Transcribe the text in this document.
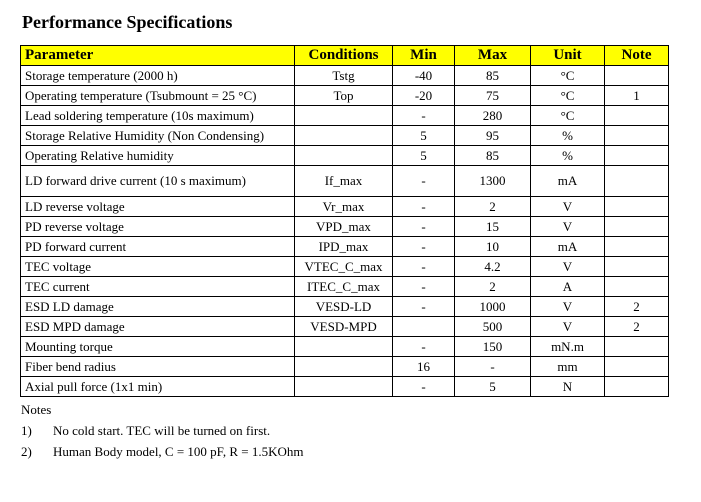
Performance Specifications
Parameter	Conditions	Min	Max	Unit	Note
Storage temperature (2000 h)	Tstg	-40	85	°C	
Operating temperature (Tsubmount = 25 °C)	Top	-20	75	°C	1
Lead soldering temperature (10s maximum)		-	280	°C	
Storage Relative Humidity (Non Condensing)		5	95	%	
Operating Relative humidity		5	85	%	
LD forward drive current (10 s maximum)	If_max	-	1300	mA	
LD reverse voltage	Vr_max	-	2	V	
PD reverse voltage	VPD_max	-	15	V	
PD forward current	IPD_max	-	10	mA	
TEC voltage	VTEC_C_max	-	4.2	V	
TEC current	ITEC_C_max	-	2	A	
ESD LD damage	VESD-LD	-	1000	V	2
ESD MPD damage	VESD-MPD		500	V	2
Mounting torque		-	150	mN.m	
Fiber bend radius		16	-	mm	
Axial pull force (1x1 min)		-	5	N	
Notes
1)	No cold start. TEC will be turned on first.
2)	Human Body model, C = 100 pF, R = 1.5KOhm
